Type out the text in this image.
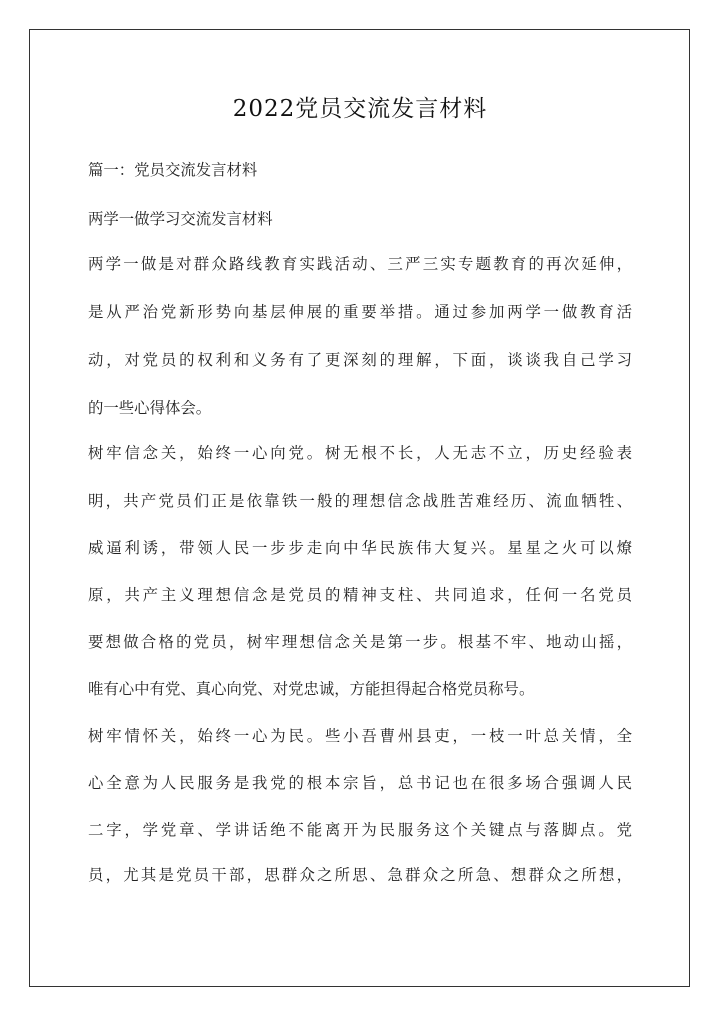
2022党员交流发言材料
篇一：党员交流发言材料
两学一做学习交流发言材料
两学一做是对群众路线教育实践活动、三严三实专题教育的再次延伸，
是从严治党新形势向基层伸展的重要举措。通过参加两学一做教育活
动，对党员的权利和义务有了更深刻的理解，下面，谈谈我自己学习
的一些心得体会。
树牢信念关，始终一心向党。树无根不长，人无志不立，历史经验表
明，共产党员们正是依靠铁一般的理想信念战胜苦难经历、流血牺牲、
威逼利诱，带领人民一步步走向中华民族伟大复兴。星星之火可以燎
原，共产主义理想信念是党员的精神支柱、共同追求，任何一名党员
要想做合格的党员，树牢理想信念关是第一步。根基不牢、地动山摇，
唯有心中有党、真心向党、对党忠诚，方能担得起合格党员称号。
树牢情怀关，始终一心为民。些小吾曹州县吏，一枝一叶总关情，全
心全意为人民服务是我党的根本宗旨，总书记也在很多场合强调人民
二字，学党章、学讲话绝不能离开为民服务这个关键点与落脚点。党
员，尤其是党员干部，思群众之所思、急群众之所急、想群众之所想，
